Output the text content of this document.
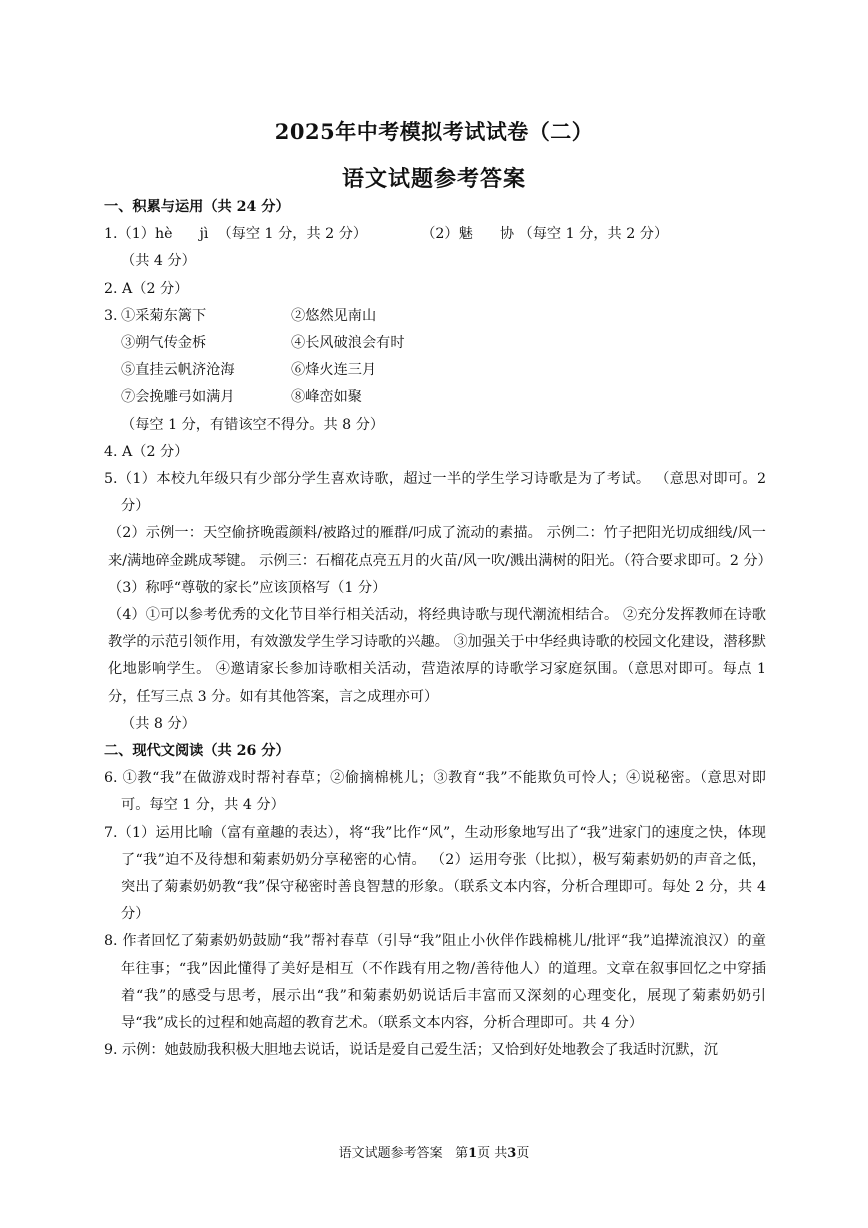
2025年中考模拟考试试卷（二）
语文试题参考答案

一、积累与运用（共 24 分）

1.（1）hè      jì  （每空 1 分，共 2 分）            （2）魅      协 （每空 1 分，共 2 分）

（共 4 分）

2. A（2 分）

3. ①采菊东篱下	②悠然见南山
③朔气传金柝	④长风破浪会有时
⑤直挂云帆济沧海	⑥烽火连三月
⑦会挽雕弓如满月	⑧峰峦如聚

（每空 1 分，有错该空不得分。共 8 分）

4. A（2 分）

5.（1）本校九年级只有少部分学生喜欢诗歌，超过一半的学生学习诗歌是为了考试。 （意思对即可。2 分）

（2）示例一：天空偷挤晚霞颜料/被路过的雁群/叼成了流动的素描。 示例二：竹子把阳光切成细线/风一来/满地碎金跳成琴键。 示例三：石榴花点亮五月的火苗/风一吹/溅出满树的阳光。（符合要求即可。2 分）

（3）称呼“尊敬的家长”应该顶格写（1 分）

（4）①可以参考优秀的文化节目举行相关活动，将经典诗歌与现代潮流相结合。 ②充分发挥教师在诗歌教学的示范引领作用，有效激发学生学习诗歌的兴趣。 ③加强关于中华经典诗歌的校园文化建设，潜移默化地影响学生。 ④邀请家长参加诗歌相关活动，营造浓厚的诗歌学习家庭氛围。（意思对即可。每点 1 分，任写三点 3 分。如有其他答案，言之成理亦可）

（共 8 分）

二、现代文阅读（共 26 分）

6. ①教“我”在做游戏时帮衬春草；②偷摘棉桃儿；③教育“我”不能欺负可怜人；④说秘密。（意思对即可。每空 1 分，共 4 分）

7.（1）运用比喻（富有童趣的表达），将“我”比作“风”，生动形象地写出了“我”进家门的速度之快，体现了“我”迫不及待想和菊素奶奶分享秘密的心情。 （2）运用夸张（比拟），极写菊素奶奶的声音之低，突出了菊素奶奶教“我”保守秘密时善良智慧的形象。（联系文本内容，分析合理即可。每处 2 分，共 4 分）

8. 作者回忆了菊素奶奶鼓励“我”帮衬春草（引导“我”阻止小伙伴作践棉桃儿/批评“我”追撵流浪汉）的童年往事；“我”因此懂得了美好是相互（不作践有用之物/善待他人）的道理。文章在叙事回忆之中穿插着“我”的感受与思考，展示出“我”和菊素奶奶说话后丰富而又深刻的心理变化，展现了菊素奶奶引导“我”成长的过程和她高超的教育艺术。（联系文本内容，分析合理即可。共 4 分）

9. 示例：她鼓励我积极大胆地去说话，说话是爱自己爱生活；又恰到好处地教会了我适时沉默，沉

语文试题参考答案 第1页 共3页
